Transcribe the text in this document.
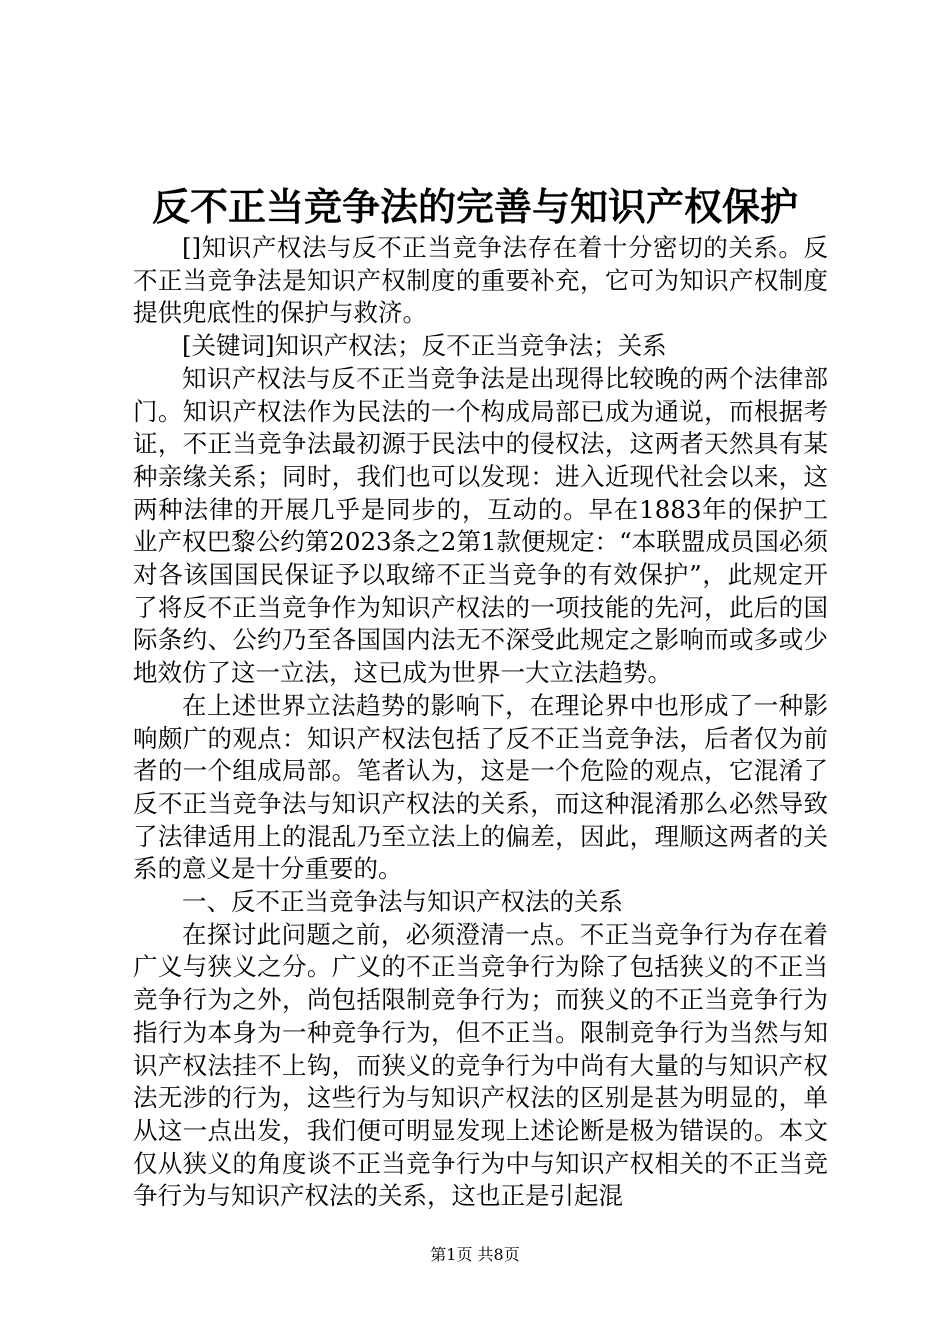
反不正当竞争法的完善与知识产权保护

[]知识产权法与反不正当竞争法存在着十分密切的关系。反不正当竞争法是知识产权制度的重要补充，它可为知识产权制度提供兜底性的保护与救济。

[关键词]知识产权法；反不正当竞争法；关系

知识产权法与反不正当竞争法是出现得比较晚的两个法律部门。知识产权法作为民法的一个构成局部已成为通说，而根据考证，不正当竞争法最初源于民法中的侵权法，这两者天然具有某种亲缘关系；同时，我们也可以发现：进入近现代社会以来，这两种法律的开展几乎是同步的，互动的。早在1883年的保护工业产权巴黎公约第2023条之2第1款便规定：“本联盟成员国必须对各该国国民保证予以取缔不正当竞争的有效保护”，此规定开了将反不正当竞争作为知识产权法的一项技能的先河，此后的国际条约、公约乃至各国国内法无不深受此规定之影响而或多或少地效仿了这一立法，这已成为世界一大立法趋势。

在上述世界立法趋势的影响下，在理论界中也形成了一种影响颇广的观点：知识产权法包括了反不正当竞争法，后者仅为前者的一个组成局部。笔者认为，这是一个危险的观点，它混淆了反不正当竞争法与知识产权法的关系，而这种混淆那么必然导致了法律适用上的混乱乃至立法上的偏差，因此，理顺这两者的关系的意义是十分重要的。

一、反不正当竞争法与知识产权法的关系

在探讨此问题之前，必须澄清一点。不正当竞争行为存在着广义与狭义之分。广义的不正当竞争行为除了包括狭义的不正当竞争行为之外，尚包括限制竞争行为；而狭义的不正当竞争行为指行为本身为一种竞争行为，但不正当。限制竞争行为当然与知识产权法挂不上钩，而狭义的竞争行为中尚有大量的与知识产权法无涉的行为，这些行为与知识产权法的区别是甚为明显的，单从这一点出发，我们便可明显发现上述论断是极为错误的。本文仅从狭义的角度谈不正当竞争行为中与知识产权相关的不正当竞争行为与知识产权法的关系，这也正是引起混

第1页 共8页
